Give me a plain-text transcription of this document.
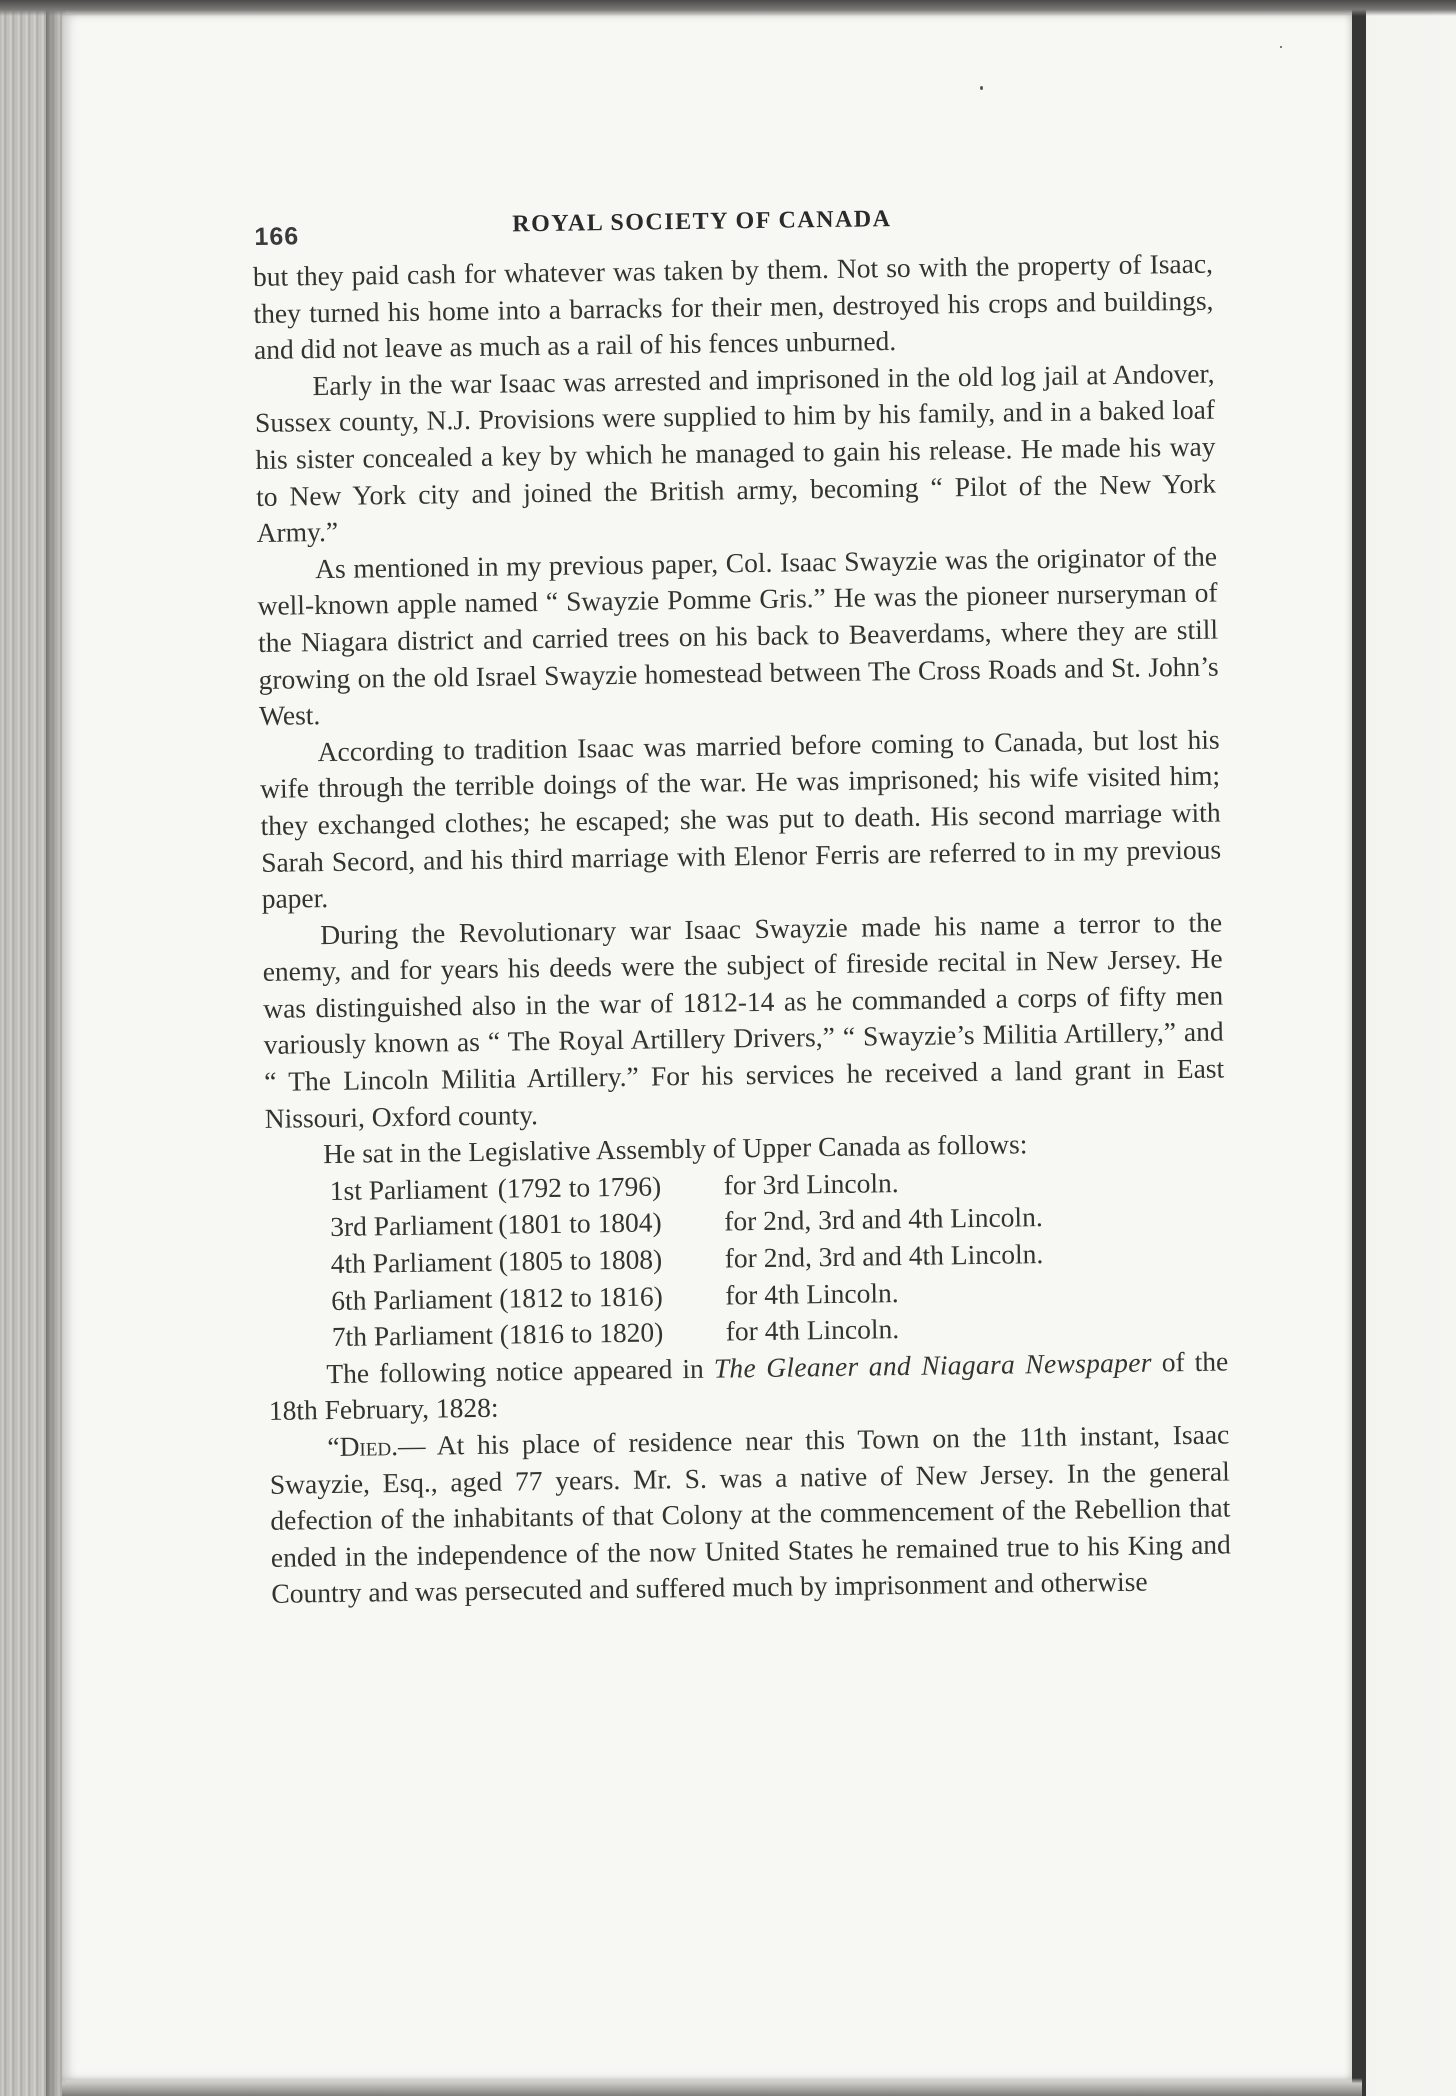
166	ROYAL SOCIETY OF CANADA

but they paid cash for whatever was taken by them. Not so with the property of Isaac, they turned his home into a barracks for their men, destroyed his crops and buildings, and did not leave as much as a rail of his fences unburned.

Early in the war Isaac was arrested and imprisoned in the old log jail at Andover, Sussex county, N.J. Provisions were supplied to him by his family, and in a baked loaf his sister concealed a key by which he managed to gain his release. He made his way to New York city and joined the British army, becoming “ Pilot of the New York Army.”

As mentioned in my previous paper, Col. Isaac Swayzie was the originator of the well-known apple named “ Swayzie Pomme Gris.” He was the pioneer nurseryman of the Niagara district and carried trees on his back to Beaverdams, where they are still growing on the old Israel Swayzie homestead between The Cross Roads and St. John’s West.

According to tradition Isaac was married before coming to Canada, but lost his wife through the terrible doings of the war. He was imprisoned; his wife visited him; they exchanged clothes; he escaped; she was put to death. His second marriage with Sarah Secord, and his third marriage with Elenor Ferris are referred to in my previous paper.

During the Revolutionary war Isaac Swayzie made his name a terror to the enemy, and for years his deeds were the subject of fireside recital in New Jersey. He was distinguished also in the war of 1812-14 as he commanded a corps of fifty men variously known as “ The Royal Artillery Drivers,” “ Swayzie’s Militia Artillery,” and “ The Lincoln Militia Artillery.” For his services he received a land grant in East Nissouri, Oxford county.

He sat in the Legislative Assembly of Upper Canada as follows:

1st Parliament (1792 to 1796) for 3rd Lincoln.
3rd Parliament (1801 to 1804) for 2nd, 3rd and 4th Lincoln.
4th Parliament (1805 to 1808) for 2nd, 3rd and 4th Lincoln.
6th Parliament (1812 to 1816) for 4th Lincoln.
7th Parliament (1816 to 1820) for 4th Lincoln.

The following notice appeared in The Gleaner and Niagara Newspaper of the 18th February, 1828:

“Died.— At his place of residence near this Town on the 11th instant, Isaac Swayzie, Esq., aged 77 years. Mr. S. was a native of New Jersey. In the general defection of the inhabitants of that Colony at the commencement of the Rebellion that ended in the independence of the now United States he remained true to his King and Country and was persecuted and suffered much by imprisonment and otherwise
